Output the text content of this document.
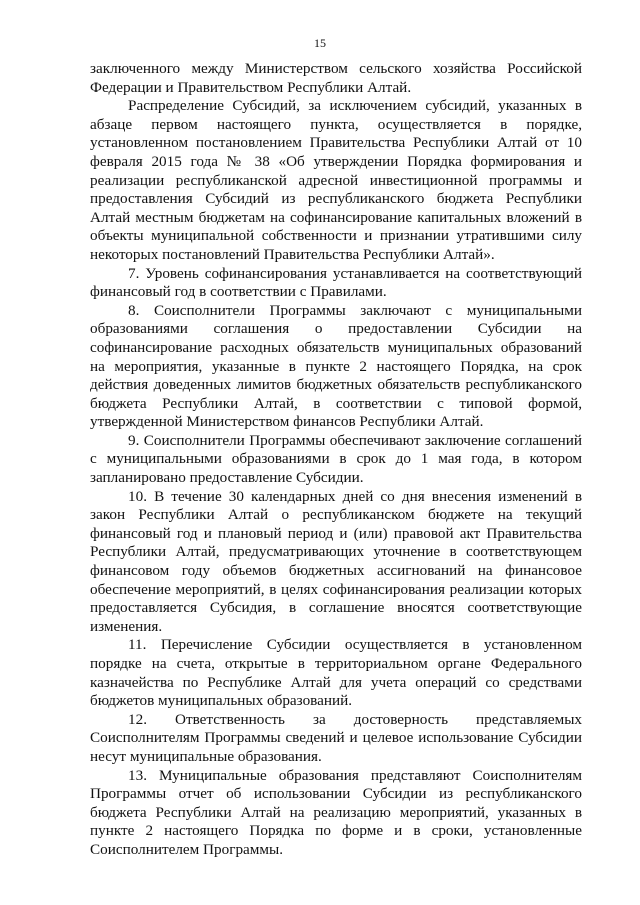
15

заключенного между Министерством сельского хозяйства Российской Федерации и Правительством Республики Алтай.

Распределение Субсидий, за исключением субсидий, указанных в абзаце первом настоящего пункта, осуществляется в порядке, установленном постановлением Правительства Республики Алтай от 10 февраля 2015 года № 38 «Об утверждении Порядка формирования и реализации республиканской адресной инвестиционной программы и предоставления Субсидий из республиканского бюджета Республики Алтай местным бюджетам на софинансирование капитальных вложений в объекты муниципальной собственности и признании утратившими силу некоторых постановлений Правительства Республики Алтай».

7. Уровень софинансирования устанавливается на соответствующий финансовый год в соответствии с Правилами.

8. Соисполнители Программы заключают с муниципальными образованиями соглашения о предоставлении Субсидии на софинансирование расходных обязательств муниципальных образований на мероприятия, указанные в пункте 2 настоящего Порядка, на срок действия доведенных лимитов бюджетных обязательств республиканского бюджета Республики Алтай, в соответствии с типовой формой, утвержденной Министерством финансов Республики Алтай.

9. Соисполнители Программы обеспечивают заключение соглашений с муниципальными образованиями в срок до 1 мая года, в котором запланировано предоставление Субсидии.

10. В течение 30 календарных дней со дня внесения изменений в закон Республики Алтай о республиканском бюджете на текущий финансовый год и плановый период и (или) правовой акт Правительства Республики Алтай, предусматривающих уточнение в соответствующем финансовом году объемов бюджетных ассигнований на финансовое обеспечение мероприятий, в целях софинансирования реализации которых предоставляется Субсидия, в соглашение вносятся соответствующие изменения.

11. Перечисление Субсидии осуществляется в установленном порядке на счета, открытые в территориальном органе Федерального казначейства по Республике Алтай для учета операций со средствами бюджетов муниципальных образований.

12. Ответственность за достоверность представляемых Соисполнителям Программы сведений и целевое использование Субсидии несут муниципальные образования.

13. Муниципальные образования представляют Соисполнителям Программы отчет об использовании Субсидии из республиканского бюджета Республики Алтай на реализацию мероприятий, указанных в пункте 2 настоящего Порядка по форме и в сроки, установленные Соисполнителем Программы.
